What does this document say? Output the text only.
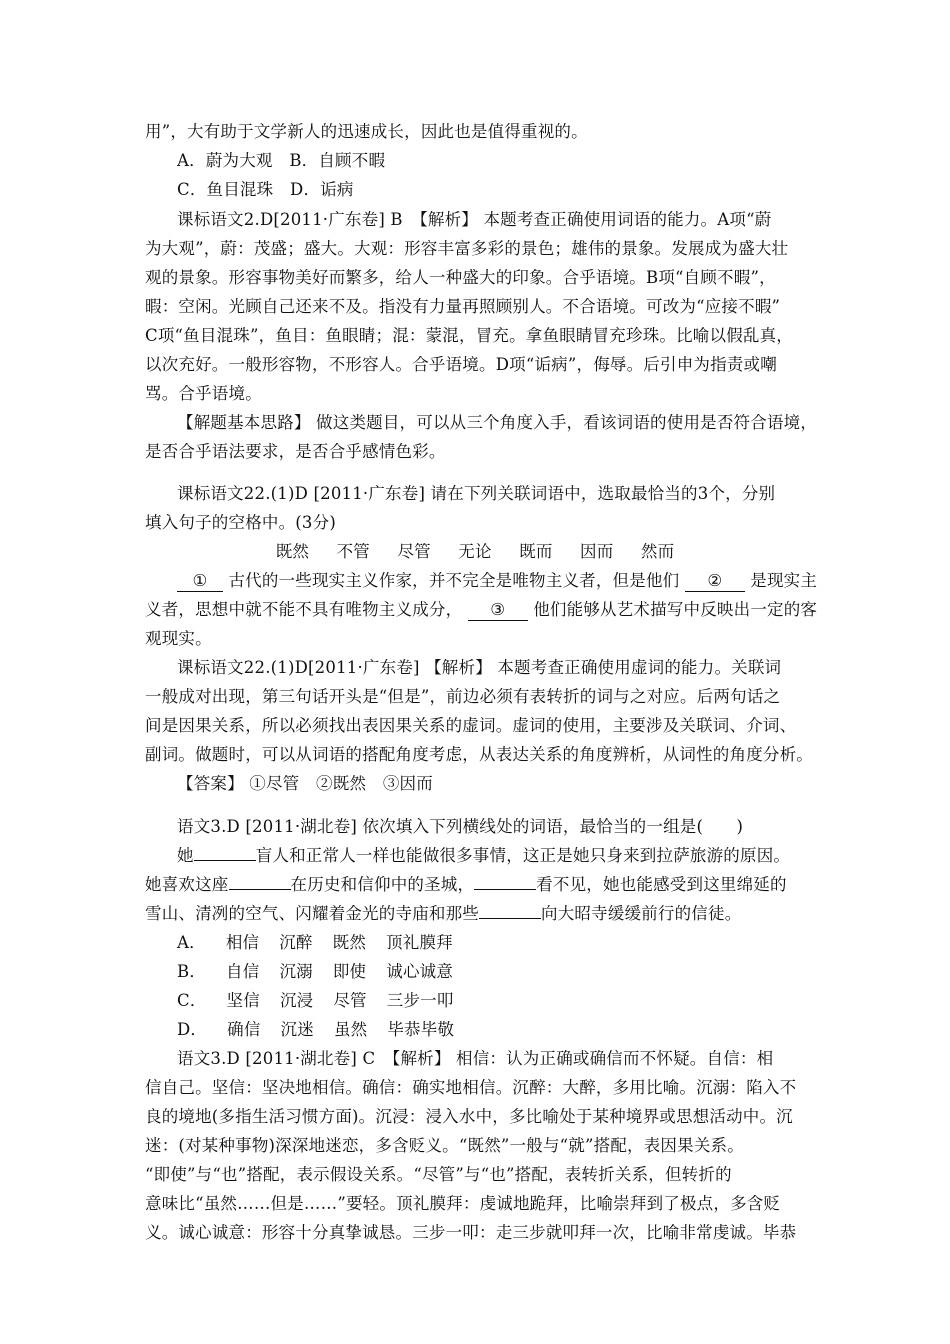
用”，大有助于文学新人的迅速成长，因此也是值得重视的。
A．蔚为大观　B．自顾不暇
C．鱼目混珠　D．诟病
课标语文2.D[2011·广东卷] B　【解析】 本题考查正确使用词语的能力。A项“蔚
为大观”，蔚：茂盛；盛大。大观：形容丰富多彩的景色；雄伟的景象。发展成为盛大壮
观的景象。形容事物美好而繁多，给人一种盛大的印象。合乎语境。B项“自顾不暇”，
暇：空闲。光顾自己还来不及。指没有力量再照顾别人。不合语境。可改为“应接不暇”
C项“鱼目混珠”，鱼目：鱼眼睛；混：蒙混，冒充。拿鱼眼睛冒充珍珠。比喻以假乱真，
以次充好。一般形容物，不形容人。合乎语境。D项“诟病”，侮辱。后引申为指责或嘲
骂。合乎语境。
【解题基本思路】 做这类题目，可以从三个角度入手，看该词语的使用是否符合语境，
是否合乎语法要求，是否合乎感情色彩。
课标语文22.(1)D [2011·广东卷] 请在下列关联词语中，选取最恰当的3个，分别
填入句子的空格中。(3分)
既然 不管 尽管 无论 既而 因而 然而
① 古代的一些现实主义作家，并不完全是唯物主义者，但是他们 ② 是现实主
义者，思想中就不能不具有唯物主义成分， ③ 他们能够从艺术描写中反映出一定的客
观现实。
课标语文22.(1)D[2011·广东卷] 【解析】 本题考查正确使用虚词的能力。关联词
一般成对出现，第三句话开头是“但是”，前边必须有表转折的词与之对应。后两句话之
间是因果关系，所以必须找出表因果关系的虚词。虚词的使用，主要涉及关联词、介词、
副词。做题时，可以从词语的搭配角度考虑，从表达关系的角度辨析，从词性的角度分析。
【答案】 ①尽管　②既然　③因而
语文3.D [2011·湖北卷] 依次填入下列横线处的词语，最恰当的一组是(　　)
她	盲人和正常人一样也能做很多事情，这正是她只身来到拉萨旅游的原因。
她喜欢这座	在历史和信仰中的圣城，	看不见，她也能感受到这里绵延的
雪山、清冽的空气、闪耀着金光的寺庙和那些	向大昭寺缓缓前行的信徒。
A． 相信 沉醉 既然 顶礼膜拜
B． 自信 沉溺 即使 诚心诚意
C． 坚信 沉浸 尽管 三步一叩
D． 确信 沉迷 虽然 毕恭毕敬
语文3.D [2011·湖北卷] C　【解析】 相信：认为正确或确信而不怀疑。自信：相
信自己。坚信：坚决地相信。确信：确实地相信。沉醉：大醉，多用比喻。沉溺：陷入不
良的境地(多指生活习惯方面)。沉浸：浸入水中，多比喻处于某种境界或思想活动中。沉
迷：(对某种事物)深深地迷恋，多含贬义。“既然”一般与“就”搭配，表因果关系。
“即使”与“也”搭配，表示假设关系。“尽管”与“也”搭配，表转折关系，但转折的
意味比“虽然……但是……”要轻。顶礼膜拜：虔诚地跪拜，比喻崇拜到了极点，多含贬
义。诚心诚意：形容十分真挚诚恳。三步一叩：走三步就叩拜一次，比喻非常虔诚。毕恭
